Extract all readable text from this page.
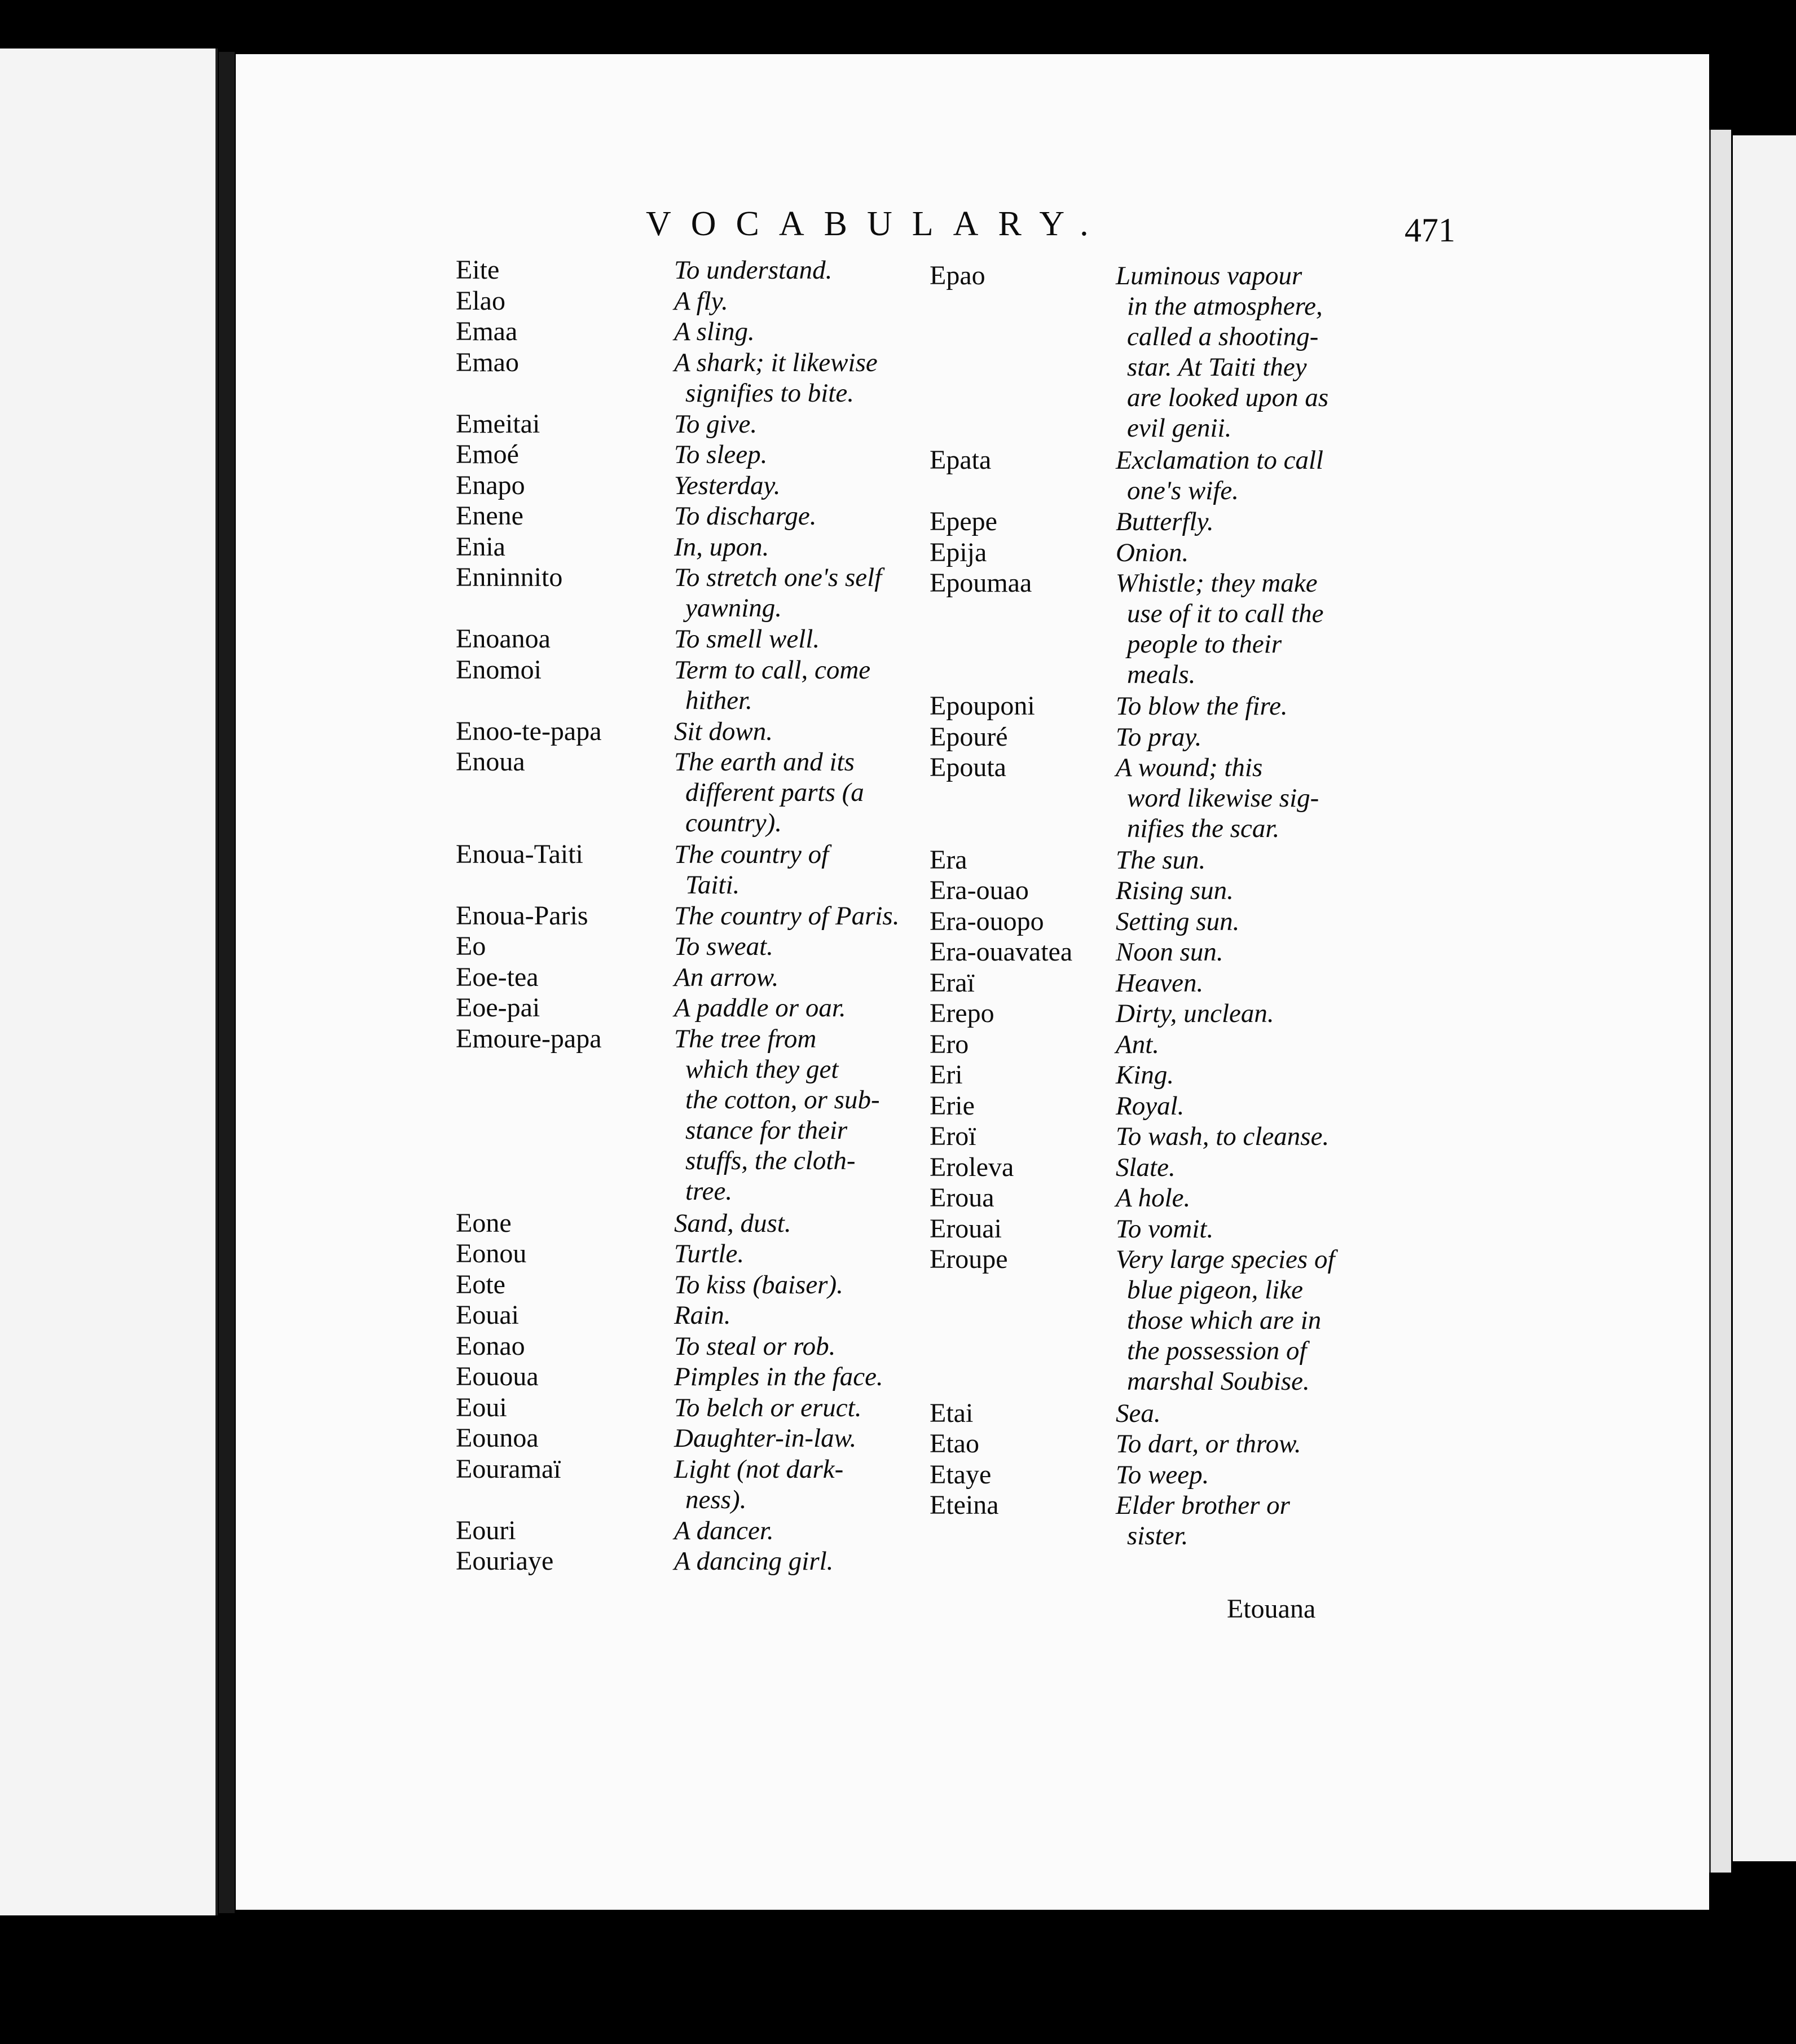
VOCABULARY.	471
Eite	To understand.
Elao	A fly.
Emaa	A sling.
Emao	A shark; it likewise
signifies to bite.
Emeitai	To give.
Emoé	To sleep.
Enapo	Yesterday.
Enene	To discharge.
Enia	In, upon.
Enninnito	To stretch one's self
yawning.
Enoanoa	To smell well.
Enomoi	Term to call, come
hither.
Enoo-te-papa	Sit down.
Enoua	The earth and its
different parts (a
country).
Enoua-Taiti	The country of
Taiti.
Enoua-Paris	The country of Paris.
Eo	To sweat.
Eoe-tea	An arrow.
Eoe-pai	A paddle or oar.
Emoure-papa	The tree from
which they get
the cotton, or sub-
stance for their
stuffs, the cloth-
tree.
Eone	Sand, dust.
Eonou	Turtle.
Eote	To kiss (baiser).
Eouai	Rain.
Eonao	To steal or rob.
Eououa	Pimples in the face.
Eoui	To belch or eruct.
Eounoa	Daughter-in-law.
Eouramaï	Light (not dark-
ness).
Eouri	A dancer.
Eouriaye	A dancing girl.
Epao	Luminous vapour
in the atmosphere,
called a shooting-
star. At Taiti they
are looked upon as
evil genii.
Epata	Exclamation to call
one's wife.
Epepe	Butterfly.
Epija	Onion.
Epoumaa	Whistle; they make
use of it to call the
people to their
meals.
Epouponi	To blow the fire.
Epouré	To pray.
Epouta	A wound; this
word likewise sig-
nifies the scar.
Era	The sun.
Era-ouao	Rising sun.
Era-ouopo	Setting sun.
Era-ouavatea Noon sun.
Eraï	Heaven.
Erepo	Dirty, unclean.
Ero	Ant.
Eri	King.
Erie	Royal.
Eroï	To wash, to cleanse.
Eroleva	Slate.
Eroua	A hole.
Erouai	To vomit.
Eroupe	Very large species of
blue pigeon, like
those which are in
the possession of
marshal Soubise.
Etai	Sea.
Etao	To dart, or throw.
Etaye	To weep.
Eteina	Elder brother or
sister.
Etouana
